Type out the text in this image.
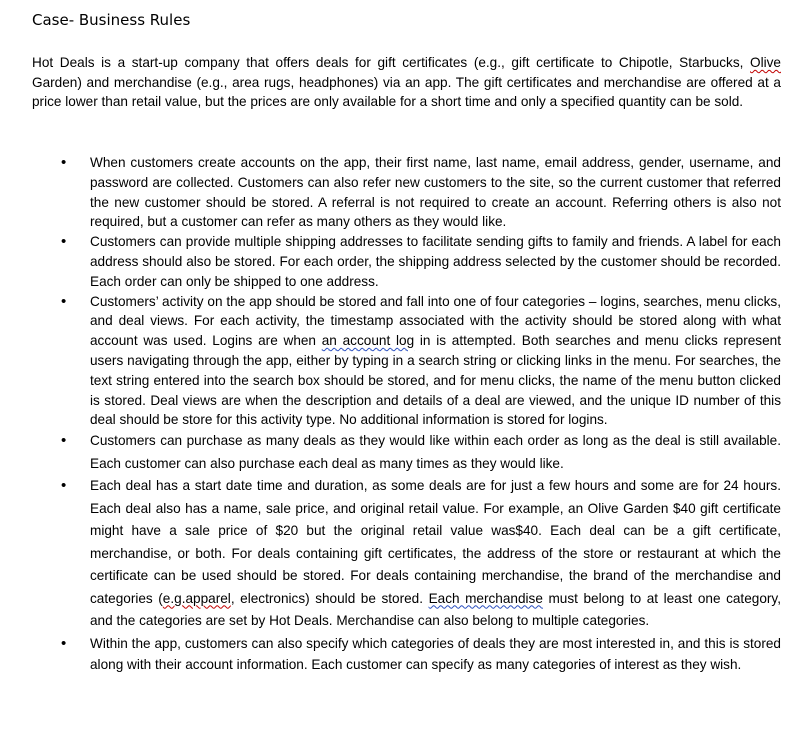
Case- Business Rules

Hot Deals is a start-up company that offers deals for gift certificates (e.g., gift certificate to Chipotle, Starbucks, Olive Garden) and merchandise (e.g., area rugs, headphones) via an app. The gift certificates and merchandise are offered at a price lower than retail value, but the prices are only available for a short time and only a specified quantity can be sold.

• When customers create accounts on the app, their first name, last name, email address, gender, username, and password are collected. Customers can also refer new customers to the site, so the current customer that referred the new customer should be stored. A referral is not required to create an account. Referring others is also not required, but a customer can refer as many others as they would like.
• Customers can provide multiple shipping addresses to facilitate sending gifts to family and friends. A label for each address should also be stored. For each order, the shipping address selected by the customer should be recorded. Each order can only be shipped to one address.
• Customers’ activity on the app should be stored and fall into one of four categories – logins, searches, menu clicks, and deal views. For each activity, the timestamp associated with the activity should be stored along with what account was used. Logins are when an account log in is attempted. Both searches and menu clicks represent users navigating through the app, either by typing in a search string or clicking links in the menu. For searches, the text string entered into the search box should be stored, and for menu clicks, the name of the menu button clicked is stored. Deal views are when the description and details of a deal are viewed, and the unique ID number of this deal should be store for this activity type. No additional information is stored for logins.
• Customers can purchase as many deals as they would like within each order as long as the deal is still available. Each customer can also purchase each deal as many times as they would like.
• Each deal has a start date time and duration, as some deals are for just a few hours and some are for 24 hours. Each deal also has a name, sale price, and original retail value. For example, an Olive Garden $40 gift certificate might have a sale price of $20 but the original retail value was$40. Each deal can be a gift certificate, merchandise, or both. For deals containing gift certificates, the address of the store or restaurant at which the certificate can be used should be stored. For deals containing merchandise, the brand of the merchandise and categories (e.g.apparel, electronics) should be stored. Each merchandise must belong to at least one category, and the categories are set by Hot Deals. Merchandise can also belong to multiple categories.
• Within the app, customers can also specify which categories of deals they are most interested in, and this is stored along with their account information. Each customer can specify as many categories of interest as they wish.
